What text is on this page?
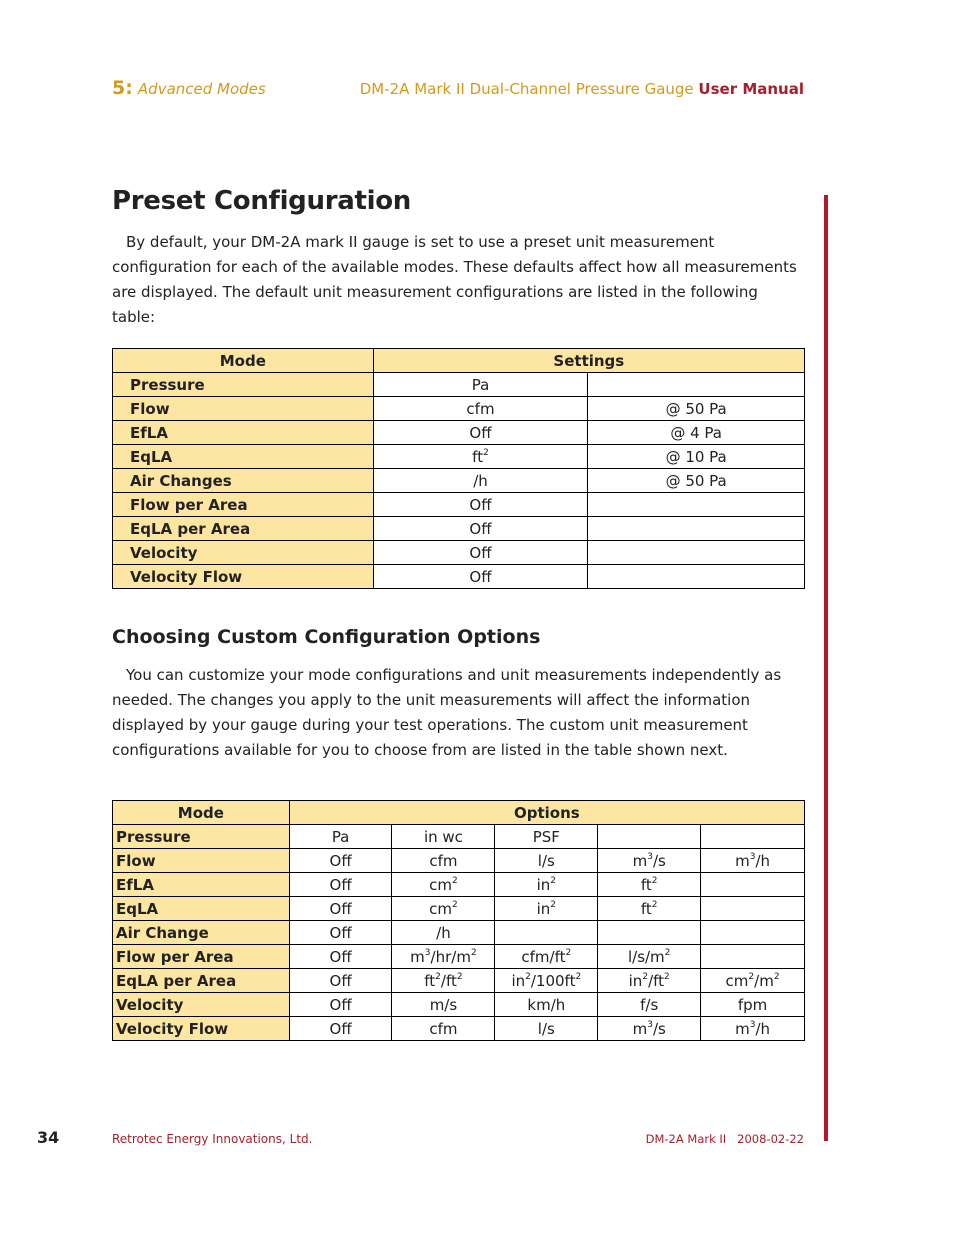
5: Advanced Modes	DM-2A Mark II Dual-Channel Pressure Gauge User Manual
Preset Configuration

By default, your DM-2A mark II gauge is set to use a preset unit measurement configuration for each of the available modes. These defaults affect how all measurements are displayed. The default unit measurement configurations are listed in the following table:

Mode	Settings	
Pressure	Pa	
Flow	cfm	@ 50 Pa
EfLA	Off	@ 4 Pa
EqLA	$ft^2$	@ 10 Pa
Air Changes	/h	@ 50 Pa
Flow per Area	Off	
EqLA per Area	Off	
Velocity	Off	
Velocity Flow	Off	
Choosing Custom Configuration Options

You can customize your mode configurations and unit measurements independently as needed. The changes you apply to the unit measurements will affect the information displayed by your gauge during your test operations. The custom unit measurement configurations available for you to choose from are listed in the table shown next.

Mode	Options				
Pressure	Pa	in wc	PSF		
Flow	Off	cfm	l/s	$m^3/s$	$m^3/h$
EfLA	Off	$cm^2$	$in^2$	$ft^2$	
EqLA	Off	$cm^2$	$in^2$	$ft^2$	
Air Change	Off	/h			
Flow per Area	Off	$m^3/hr/m^2$	cfm/$ft^2$	$l/s/m^2$	
EqLA per Area	Off	$ft^2/ft^2$	$in^2/100ft^2$	$in^2/ft^2$	$cm^2/m^2$
Velocity	Off	m/s	km/h	f/s	fpm
Velocity Flow	Off	cfm	l/s	$m^3/s$	$m^3/h$
34	Retrotec Energy Innovations, Ltd.	DM-2A Mark II   2008-02-22
